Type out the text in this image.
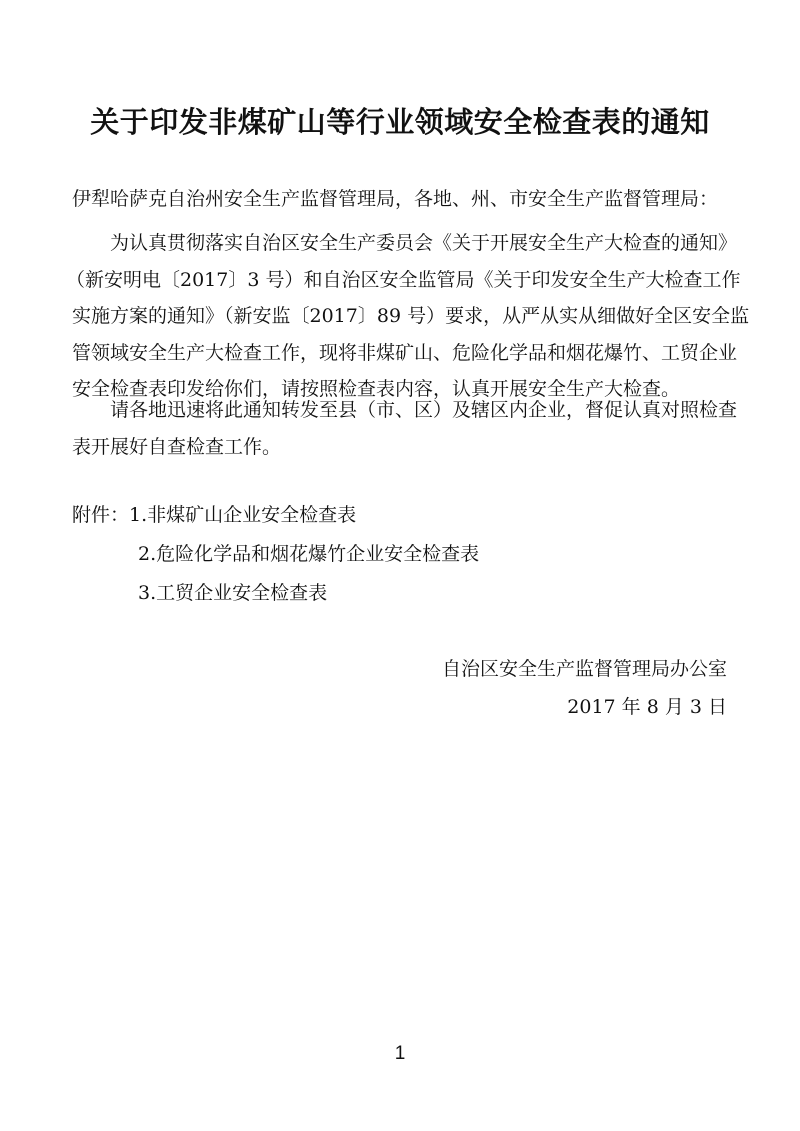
关于印发非煤矿山等行业领域安全检查表的通知
伊犁哈萨克自治州安全生产监督管理局，各地、州、市安全生产监督管理局：
为认真贯彻落实自治区安全生产委员会《关于开展安全生产大检查的通知》
（新安明电〔2017〕3 号）和自治区安全监管局《关于印发安全生产大检查工作
实施方案的通知》（新安监〔2017〕89 号）要求，从严从实从细做好全区安全监
管领域安全生产大检查工作，现将非煤矿山、危险化学品和烟花爆竹、工贸企业
安全检查表印发给你们，请按照检查表内容，认真开展安全生产大检查。
请各地迅速将此通知转发至县（市、区）及辖区内企业，督促认真对照检查
表开展好自查检查工作。
附件：1.非煤矿山企业安全检查表
2.危险化学品和烟花爆竹企业安全检查表
3.工贸企业安全检查表
自治区安全生产监督管理局办公室
2017 年 8 月 3 日
1
